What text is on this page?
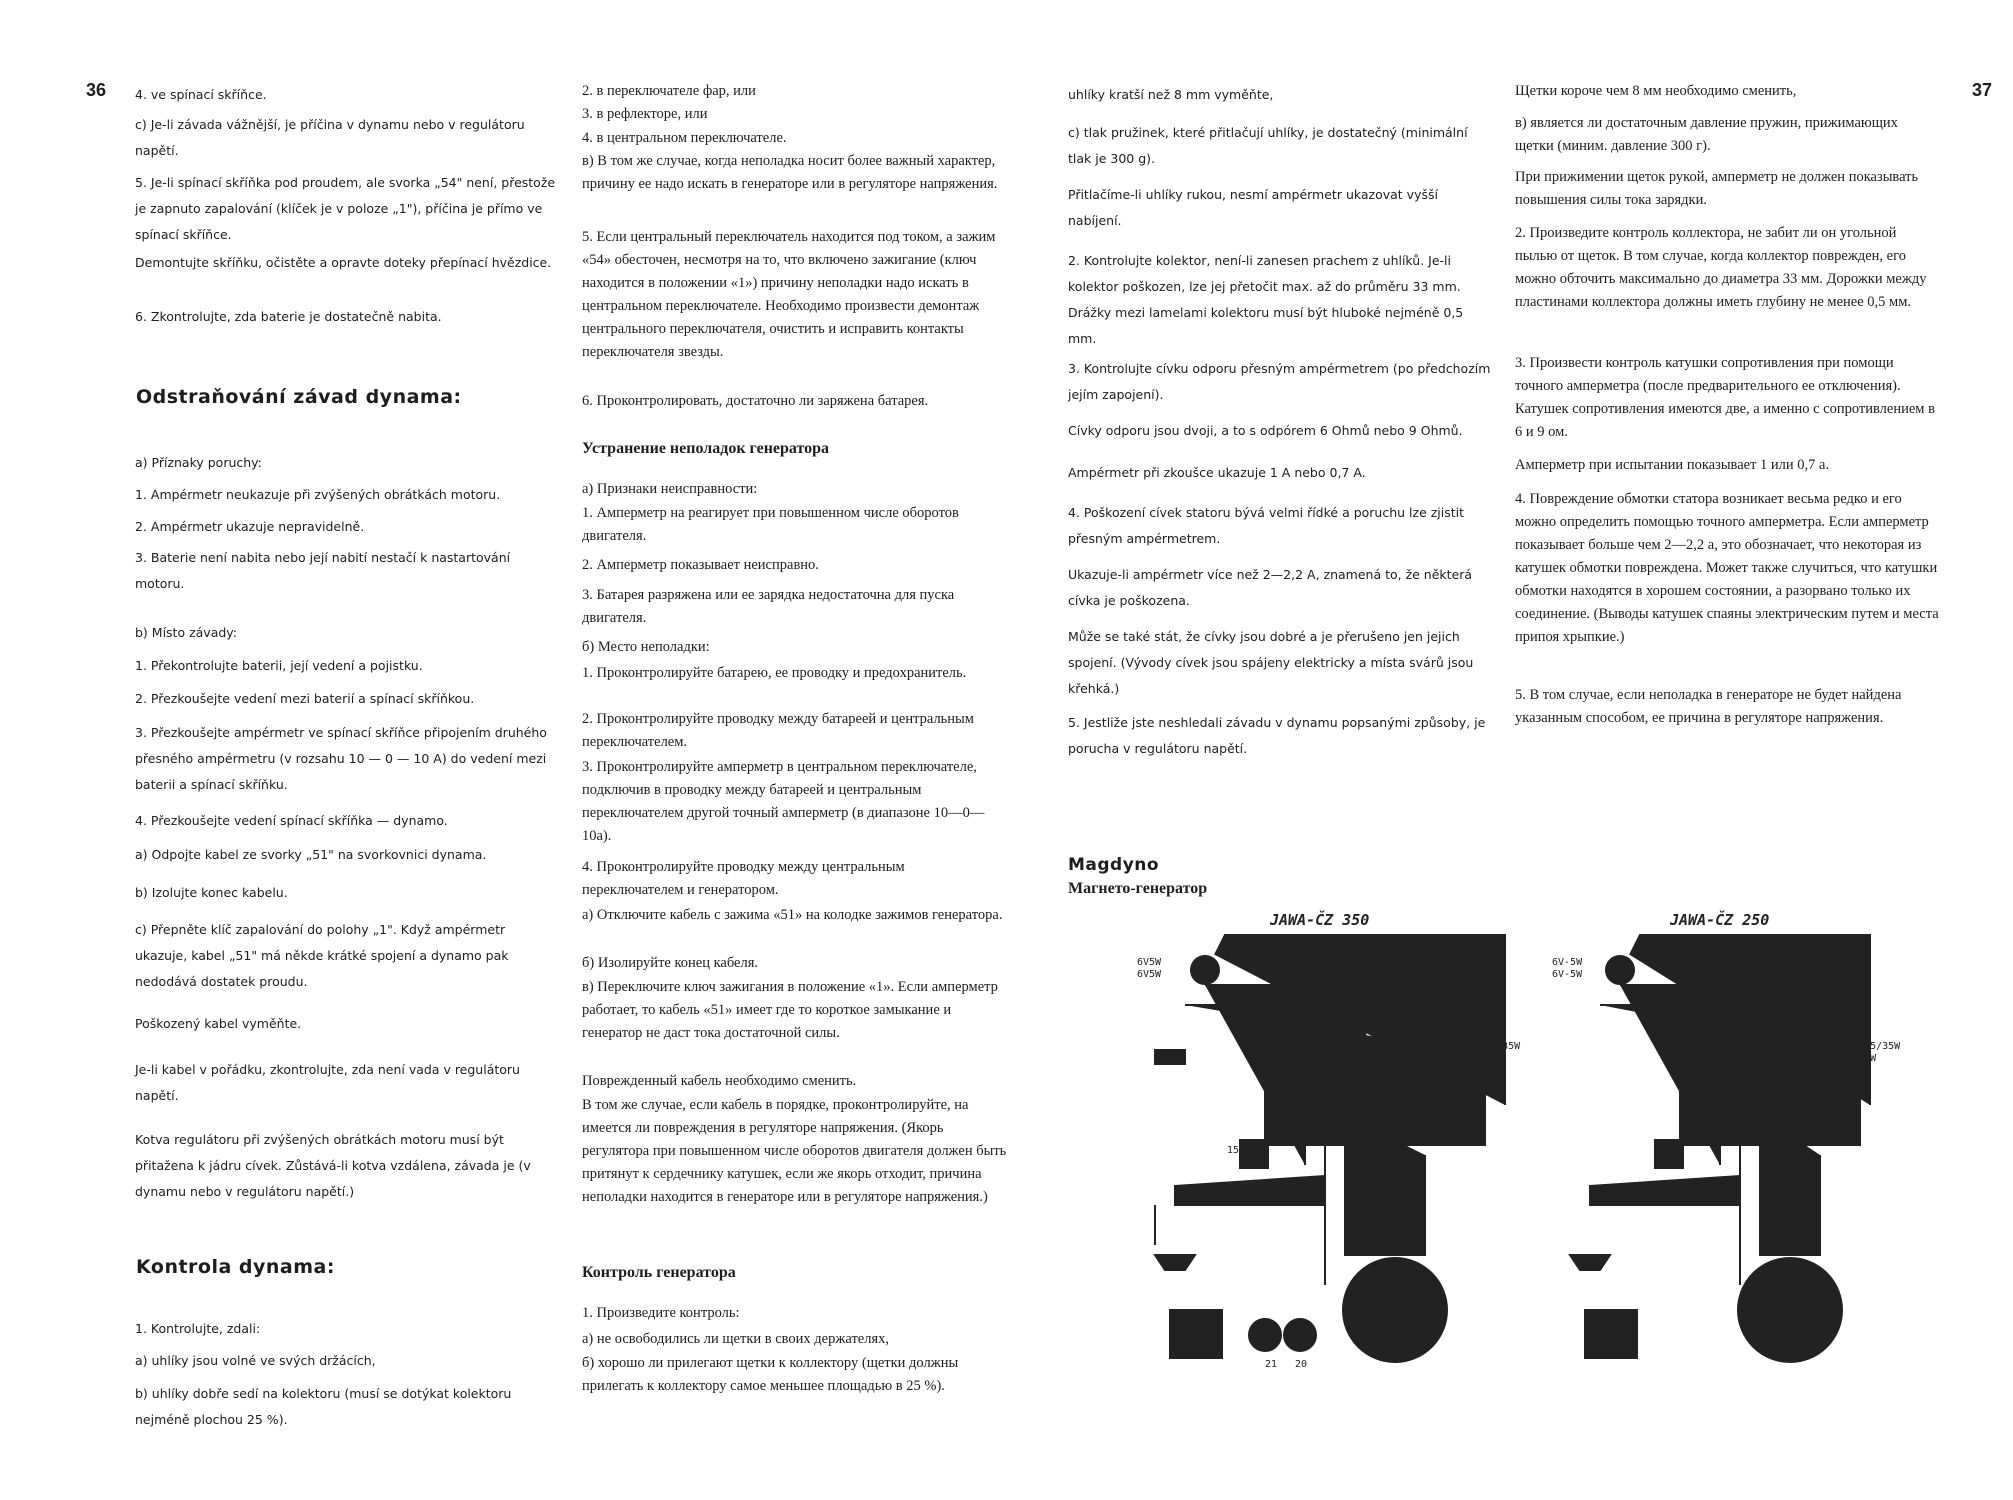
36	37
Odstraňování závad dynama:
Kontrola dynama:
4. ve spínací skříňce.
c) Je-li závada vážnější, je příčina v dynamu nebo v regulátoru napětí.
5. Je-li spínací skříňka pod proudem, ale svorka „54" není, přestože je zapnuto zapalování (klíček je v poloze „1"), příčina je přímo ve spínací skříňce.
Demontujte skříňku, očistěte a opravte doteky přepínací hvězdice.
6. Zkontrolujte, zda baterie je dostatečně nabita.
a) Příznaky poruchy:
1. Ampérmetr neukazuje při zvýšených obrátkách motoru.
2. Ampérmetr ukazuje nepravidelně.
3. Baterie není nabita nebo její nabití nestačí k nastartování motoru.
b) Místo závady:
1. Překontrolujte baterii, její vedení a pojistku.
2. Přezkoušejte vedení mezi baterií a spínací skříňkou.
3. Přezkoušejte ampérmetr ve spínací skříňce připojením druhého přesného ampérmetru (v rozsahu 10 — 0 — 10 A) do vedení mezi baterii a spínací skříňku.
4. Přezkoušejte vedení spínací skříňka — dynamo.
a) Odpojte kabel ze svorky „51" na svorkovnici dynama.
b) Izolujte konec kabelu.
c) Přepněte klíč zapalování do polohy „1". Když ampérmetr ukazuje, kabel „51" má někde krátké spojení a dynamo pak nedodává dostatek proudu.
Poškozený kabel vyměňte.
Je-li kabel v pořádku, zkontrolujte, zda není vada v regulátoru napětí.
Kotva regulátoru při zvýšených obrátkách motoru musí být přitažena k jádru cívek. Zůstává-li kotva vzdálena, závada je (v dynamu nebo v regulátoru napětí.)
1. Kontrolujte, zdali:
a) uhlíky jsou volné ve svých držácích,
b) uhlíky dobře sedí na kolektoru (musí se dotýkat kolektoru nejméně plochou 25 %).
Устранение неполадок генератора
Контроль генератора
2. в переключателе фар, или
3. в рефлекторе, или
4. в центральном переключателе.
в) В том же случае, когда неполадка носит более важный характер, причину ее надо искать в генераторе или в регуляторе напряжения.
5. Если центральный переключатель находится под током, а зажим «54» обесточен, несмотря на то, что включено зажигание (ключ находится в положении «1») причину неполадки надо искать в центральном переключателе. Необходимо произвести демонтаж центрального переключателя, очистить и исправить контакты переключателя звезды.
6. Проконтролировать, достаточно ли заряжена батарея.
а) Признаки неисправности:
1. Амперметр на реагирует при повышенном числе оборотов двигателя.
2. Амперметр показывает неисправно.
3. Батарея разряжена или ее зарядка недостаточна для пуска двигателя.
б) Место неполадки:
1. Проконтролируйте батарею, ее проводку и предохранитель.
2. Проконтролируйте проводку между батареей и центральным переключателем.
3. Проконтролируйте амперметр в центральном переключателе, подключив в проводку между батареей и центральным переключателем другой точный амперметр (в диапазоне 10—0—10а).
4. Проконтролируйте проводку между центральным переключателем и генератором.
а) Отключите кабель с зажима «51» на колодке зажимов генератора.
б) Изолируйте конец кабеля.
в) Переключите ключ зажигания в положение «1». Если амперметр работает, то кабель «51» имеет где то короткое замыкание и генератор не даст тока достаточной силы.
Поврежденный кабель необходимо сменить.
В том же случае, если кабель в порядке, проконтролируйте, на имеется ли повреждения в регуляторе напряжения. (Якорь регулятора при повышенном числе оборотов двигателя должен быть притянут к сердечнику катушек, если же якорь отходит, причина неполадки находится в генераторе или в регуляторе напряжения.)
1. Произведите контроль:
а) не освободились ли щетки в своих держателях,
б) хорошо ли прилегают щетки к коллектору (щетки должны прилегать к коллектору самое меньшее площадью в 25 %).
uhlíky kratší než 8 mm vyměňte,
c) tlak pružinek, které přitlačují uhlíky, je dostatečný (minimální tlak je 300 g).
Přitlačíme-li uhlíky rukou, nesmí ampérmetr ukazovat vyšší nabíjení.
2. Kontrolujte kolektor, není-li zanesen prachem z uhlíků. Je-li kolektor poškozen, lze jej přetočit max. až do průměru 33 mm. Drážky mezi lamelami kolektoru musí být hluboké nejméně 0,5 mm.
3. Kontrolujte cívku odporu přesným ampérmetrem (po předchozím jejím zapojení).
Cívky odporu jsou dvoji, a to s odpórem 6 Ohmů nebo 9 Ohmů.
Ampérmetr při zkoušce ukazuje 1 A nebo 0,7 A.
4. Poškození cívek statoru bývá velmi řídké a poruchu lze zjistit přesným ampérmetrem.
Ukazuje-li ampérmetr více než 2—2,2 A, znamená to, že některá cívka je poškozena.
Může se také stát, že cívky jsou dobré a je přerušeno jen jejich spojení. (Vývody cívek jsou spájeny elektricky a místa svárů jsou křehká.)
5. Jestliže jste neshledali závadu v dynamu popsanými způsoby, je porucha v regulátoru napětí.
Щетки короче чем 8 мм необходимо сменить,
в) является ли достаточным давление пружин, прижимающих щетки (миним. давление 300 г).
При прижимении щеток рукой, амперметр не должен показывать повышения силы тока зарядки.
2. Произведите контроль коллектора, не забит ли он угольной пылью от щеток. В том случае, когда коллектор поврежден, его можно обточить максимально до диаметра 33 мм. Дорожки между пластинами коллектора должны иметь глубину не менее 0,5 мм.
3. Произвести контроль катушки сопротивления при помощи точного амперметра (после предварительного ее отключения). Катушек сопротивления имеются две, а именно с сопротивлением в 6 и 9 ом.
Амперметр при испытании показывает 1 или 0,7 а.
4. Повреждение обмотки статора возникает весьма редко и его можно определить помощью точного амперметра. Если амперметр показывает больше чем 2—2,2 а, это обозначает, что некоторая из катушек обмотки повреждена. Может также случиться, что катушки обмотки находятся в хорошем состоянии, а разорвано только их соединение. (Выводы катушек спаяны электрическим путем и места припоя хрыпкие.)
5. В том случае, если неполадка в генераторе не будет найдена указанным способом, ее причина в регуляторе напряжения.
Magdyno
Магнето-генератор
6V5W
6V5W
12V-15W
12V-35/35W
6V-15W
6V-14Ah
21 20
51
54
N Z
20
15
JAWA-ČZ 350
6V-5W
6V-5W
12V-15W
12V-35/35W
6V-15W
6V-14Ah
JAWA-ČZ 250
